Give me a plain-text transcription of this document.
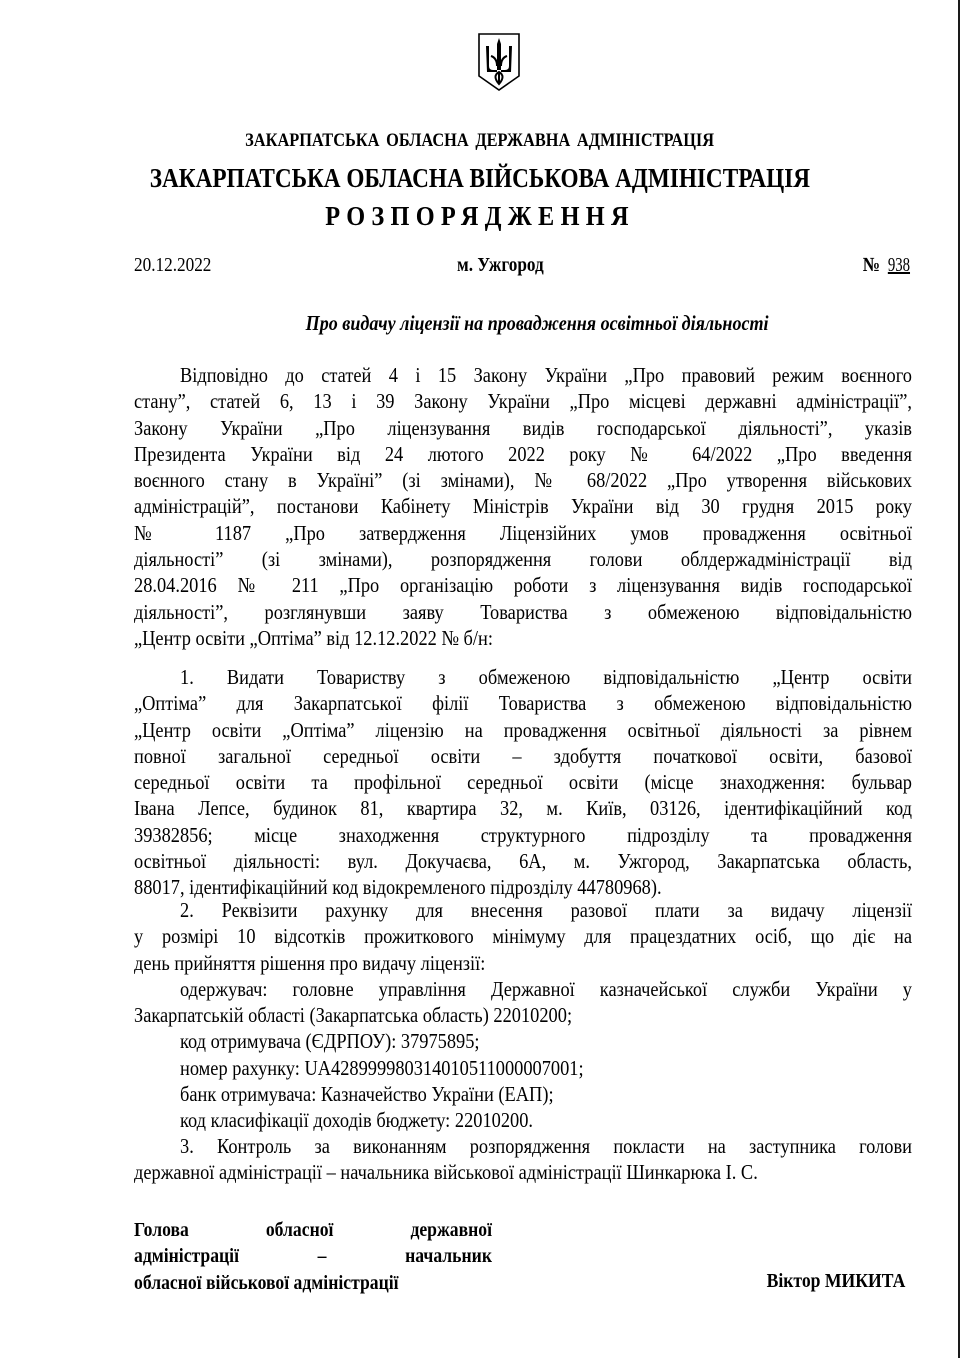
ЗАКАРПАТСЬКА ОБЛАСНА ДЕРЖАВНА АДМІНІСТРАЦІЯ
ЗАКАРПАТСЬКА ОБЛАСНА ВІЙСЬКОВА АДМІНІСТРАЦІЯ
РОЗПОРЯДЖЕННЯ
20.12.2022	м. Ужгород	№ 938
Про видачу ліцензії на провадження освітньої діяльності
Відповідно до статей 4 і 15 Закону України „Про правовий режим воєнного
стану”, статей 6, 13 і 39 Закону України „Про місцеві державні адміністрації”,
Закону України „Про ліцензування видів господарської діяльності”, указів
Президента України від 24 лютого 2022 року № 64/2022 „Про введення
воєнного стану в Україні” (зі змінами), № 68/2022 „Про утворення військових
адміністрацій”, постанови Кабінету Міністрів України від 30 грудня 2015 року
№ 1187 „Про затвердження Ліцензійних умов провадження освітньої
діяльності” (зі змінами), розпорядження голови облдержадміністрації від
28.04.2016 № 211 „Про організацію роботи з ліцензування видів господарської
діяльності”, розглянувши заяву Товариства з обмеженою відповідальністю
„Центр освіти „Оптіма” від 12.12.2022 № б/н:
1. Видати Товариству з обмеженою відповідальністю „Центр освіти
„Оптіма” для Закарпатської філії Товариства з обмеженою відповідальністю
„Центр освіти „Оптіма” ліцензію на провадження освітньої діяльності за рівнем
повної загальної середньої освіти – здобуття початкової освіти, базової
середньої освіти та профільної середньої освіти (місце знаходження: бульвар
Івана Лепсе, будинок 81, квартира 32, м. Київ, 03126, ідентифікаційний код
39382856; місце знаходження структурного підрозділу та провадження
освітньої діяльності: вул. Докучаєва, 6А, м. Ужгород, Закарпатська область,
88017, ідентифікаційний код відокремленого підрозділу 44780968).
2. Реквізити рахунку для внесення разової плати за видачу ліцензії
у розмірі 10 відсотків прожиткового мінімуму для працездатних осіб, що діє на
день прийняття рішення про видачу ліцензії:
одержувач: головне управління Державної казначейської служби України у
Закарпатській області (Закарпатська область) 22010200;
код отримувача (ЄДРПОУ): 37975895;
номер рахунку: UA428999980314010511000007001;
банк отримувача: Казначейство України (ЕАП);
код класифікації доходів бюджету: 22010200.
3. Контроль за виконанням розпорядження покласти на заступника голови
державної адміністрації – начальника військової адміністрації Шинкарюка І. С.
Голова обласної державної
адміністрації – начальник
обласної військової адміністрації	Віктор МИКИТА
